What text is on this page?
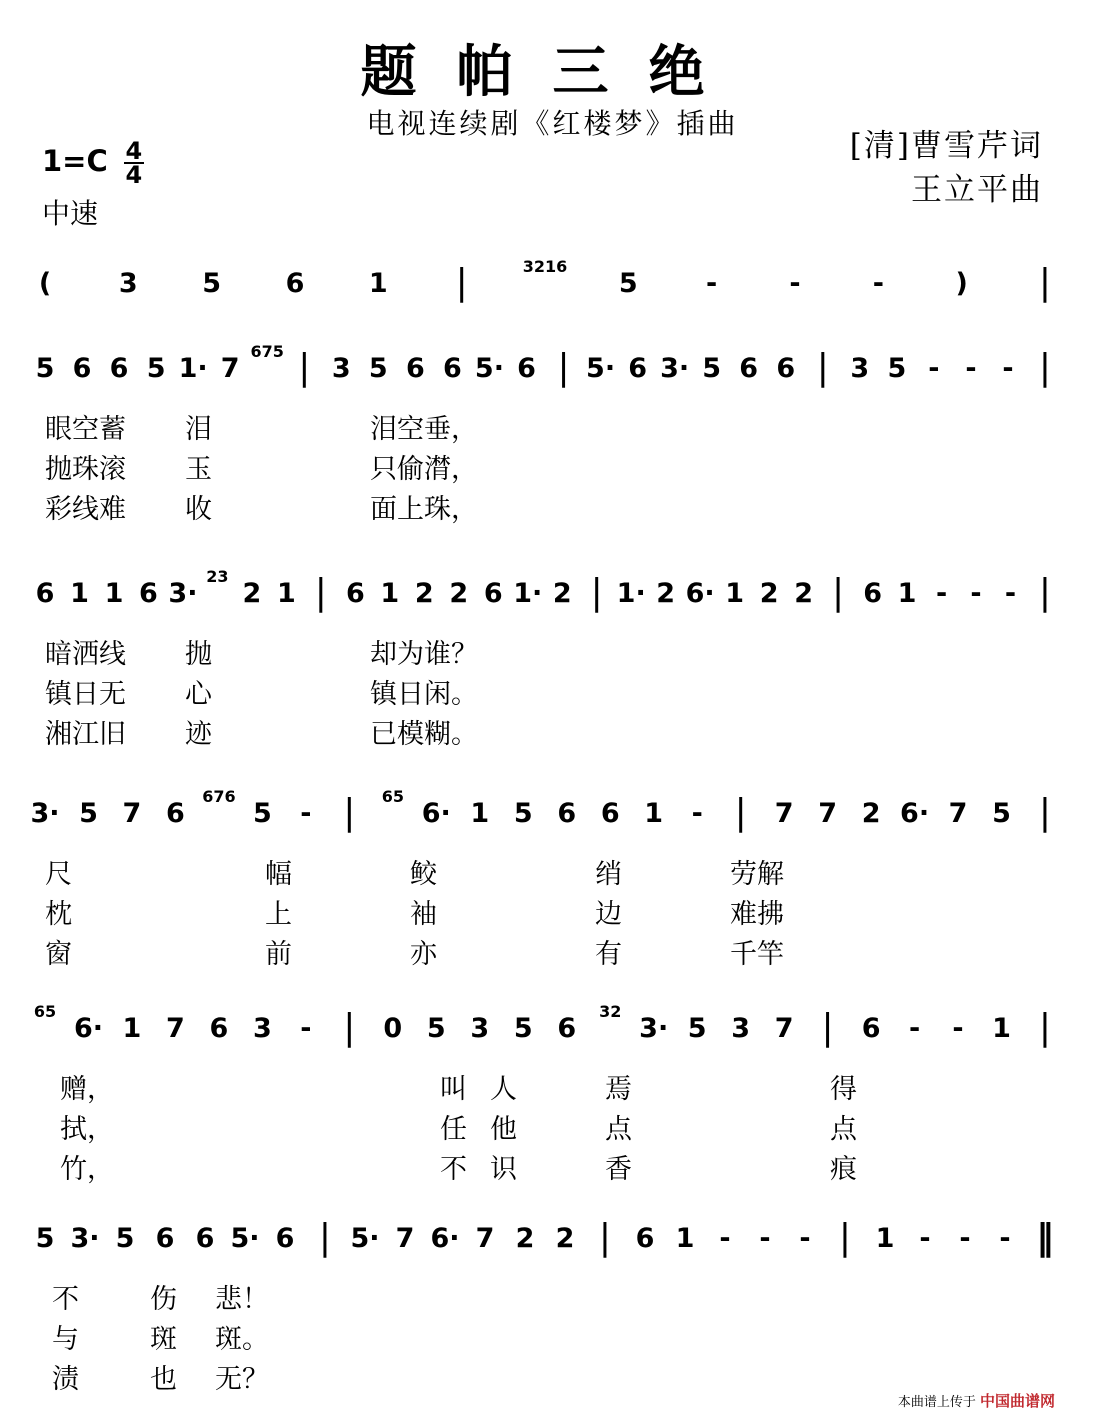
题帕三绝
电视连续剧《红楼梦》插曲
[清]曹雪芹词
王立平曲
$1=C \frac{4}{4}$
中速
(	3 5 6 1 |	3216
5	-	-	-	) |
5 6 6 5 1· 7
675 | 3 5 6 6 5· 6 | 5· 6 3· 5 6 6 | 3 5 - - - |
6 1 1 6 3·
23
2 1 | 6 1 2 2 6 1· 2 | 1· 2 6· 1 2 2 | 6 1 - - - |
3· 5 7 6
676
5 - | 65
6· 1 5 6 6 1 - | 7 7 2 6· 7 5 |
65
6· 1 7 6 3 - | 0 5 3 5 6
32
3· 5 3 7 | 6 - - 1 |
5 3· 5 6 6 5· 6 | 5· 7 6· 7 2 2 | 6 1 - - - | 1 - - - ‖
本曲谱上传于 中国曲谱网
眼空蓄 泪	泪空垂，
抛珠滚 玉	只偷潸，
彩线难 收	面上珠，
暗洒线 抛	却为谁？
镇日无 心	镇日闲。
湘江旧 迹	已模糊。
尺	幅	鲛	绡	劳解
枕	上	袖	边	难拂
窗	前	亦	有	千竿
赠，	叫 人	焉	得
拭，	任 他	点	点
竹，	不 识	香	痕
不	伤 悲！
与	斑 斑。
渍	也 无？
